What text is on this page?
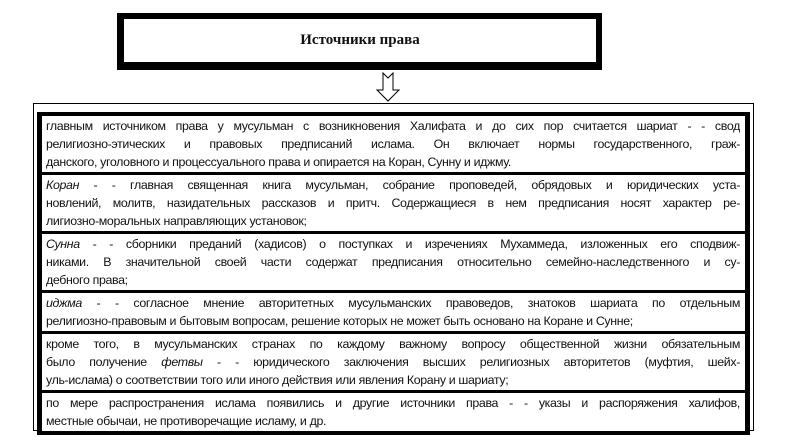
Источники права
главным источником права у мусульман с возникновения Халифата и до сих пор считается шариат - - свод
религиозно-этических и правовых предписаний ислама. Он включает нормы государственного, граж-
данского, уголовного и процессуального права и опирается на Коран, Сунну и иджму.
Коран - - главная священная книга мусульман, собрание проповедей, обрядовых и юридических уста-
новлений, молитв, назидательных рассказов и притч. Содержащиеся в нем предписания носят характер ре-
лигиозно-моральных направляющих установок;
Сунна - - сборники преданий (хадисов) о поступках и изречениях Мухаммеда, изложенных его сподвиж-
никами. В значительной своей части содержат предписания относительно семейно-наследственного и су-
дебного права;
иджма - - согласное мнение авторитетных мусульманских правоведов, знатоков шариата по отдельным
религиозно-правовым и бытовым вопросам, решение которых не может быть основано на Коране и Сунне;
кроме того, в мусульманских странах по каждому важному вопросу общественной жизни обязательным
было получение фетвы - - юридического заключения высших религиозных авторитетов (муфтия, шейх-
уль-ислама) о соответствии того или иного действия или явления Корану и шариату;
по мере распространения ислама появились и другие источники права - - указы и распоряжения халифов,
местные обычаи, не противоречащие исламу, и др.
